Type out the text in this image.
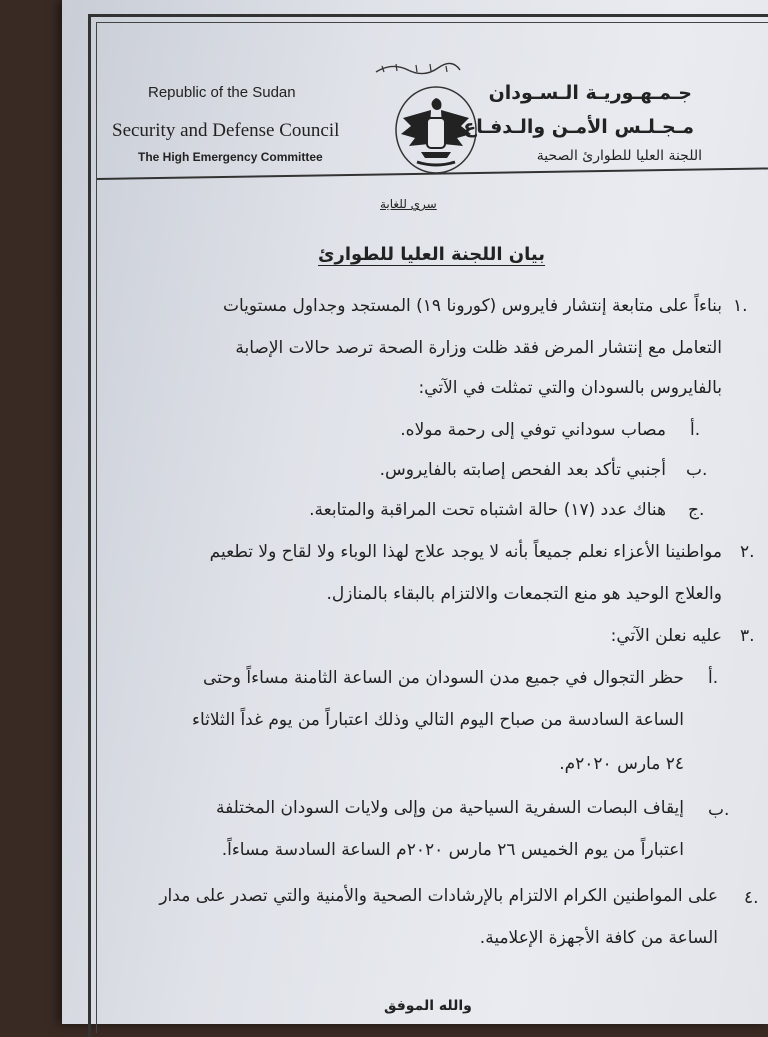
Republic of the Sudan
Security and Defense Council
The High Emergency Committee
جـمـهـوريـة الـسـودان
مـجـلـس الأمـن والـدفـاع
اللجنة العليا للطوارئ الصحية
سري للغاية
بيان اللجنة العليا للطوارئ
١.
بناءاً على متابعة إنتشار فايروس (كورونا ١٩) المستجد وجداول مستويات
التعامل مع إنتشار المرض فقد ظلت وزارة الصحة ترصد حالات الإصابة
بالفايروس بالسودان والتي تمثلت في الآتي:
أ.
مصاب سوداني توفي إلى رحمة مولاه.
ب.
أجنبي تأكد بعد الفحص إصابته بالفايروس.
ج.
هناك عدد (١٧) حالة اشتباه تحت المراقبة والمتابعة.
٢.
مواطنينا الأعزاء نعلم جميعاً بأنه لا يوجد علاج لهذا الوباء ولا لقاح ولا تطعيم
والعلاج الوحيد هو منع التجمعات والالتزام بالبقاء بالمنازل.
٣.
عليه نعلن الآتي:
أ.
حظر التجوال في جميع مدن السودان من الساعة الثامنة مساءاً وحتى
الساعة السادسة من صباح اليوم التالي وذلك اعتباراً من يوم غداً الثلاثاء
٢٤ مارس ٢٠٢٠م.
ب.
إيقاف البصات السفرية السياحية من وإلى ولايات السودان المختلفة
اعتباراً من يوم الخميس ٢٦ مارس ٢٠٢٠م الساعة السادسة مساءاً.
٤.
على المواطنين الكرام الالتزام بالإرشادات الصحية والأمنية والتي تصدر على مدار
الساعة من كافة الأجهزة الإعلامية.
والله الموفق
